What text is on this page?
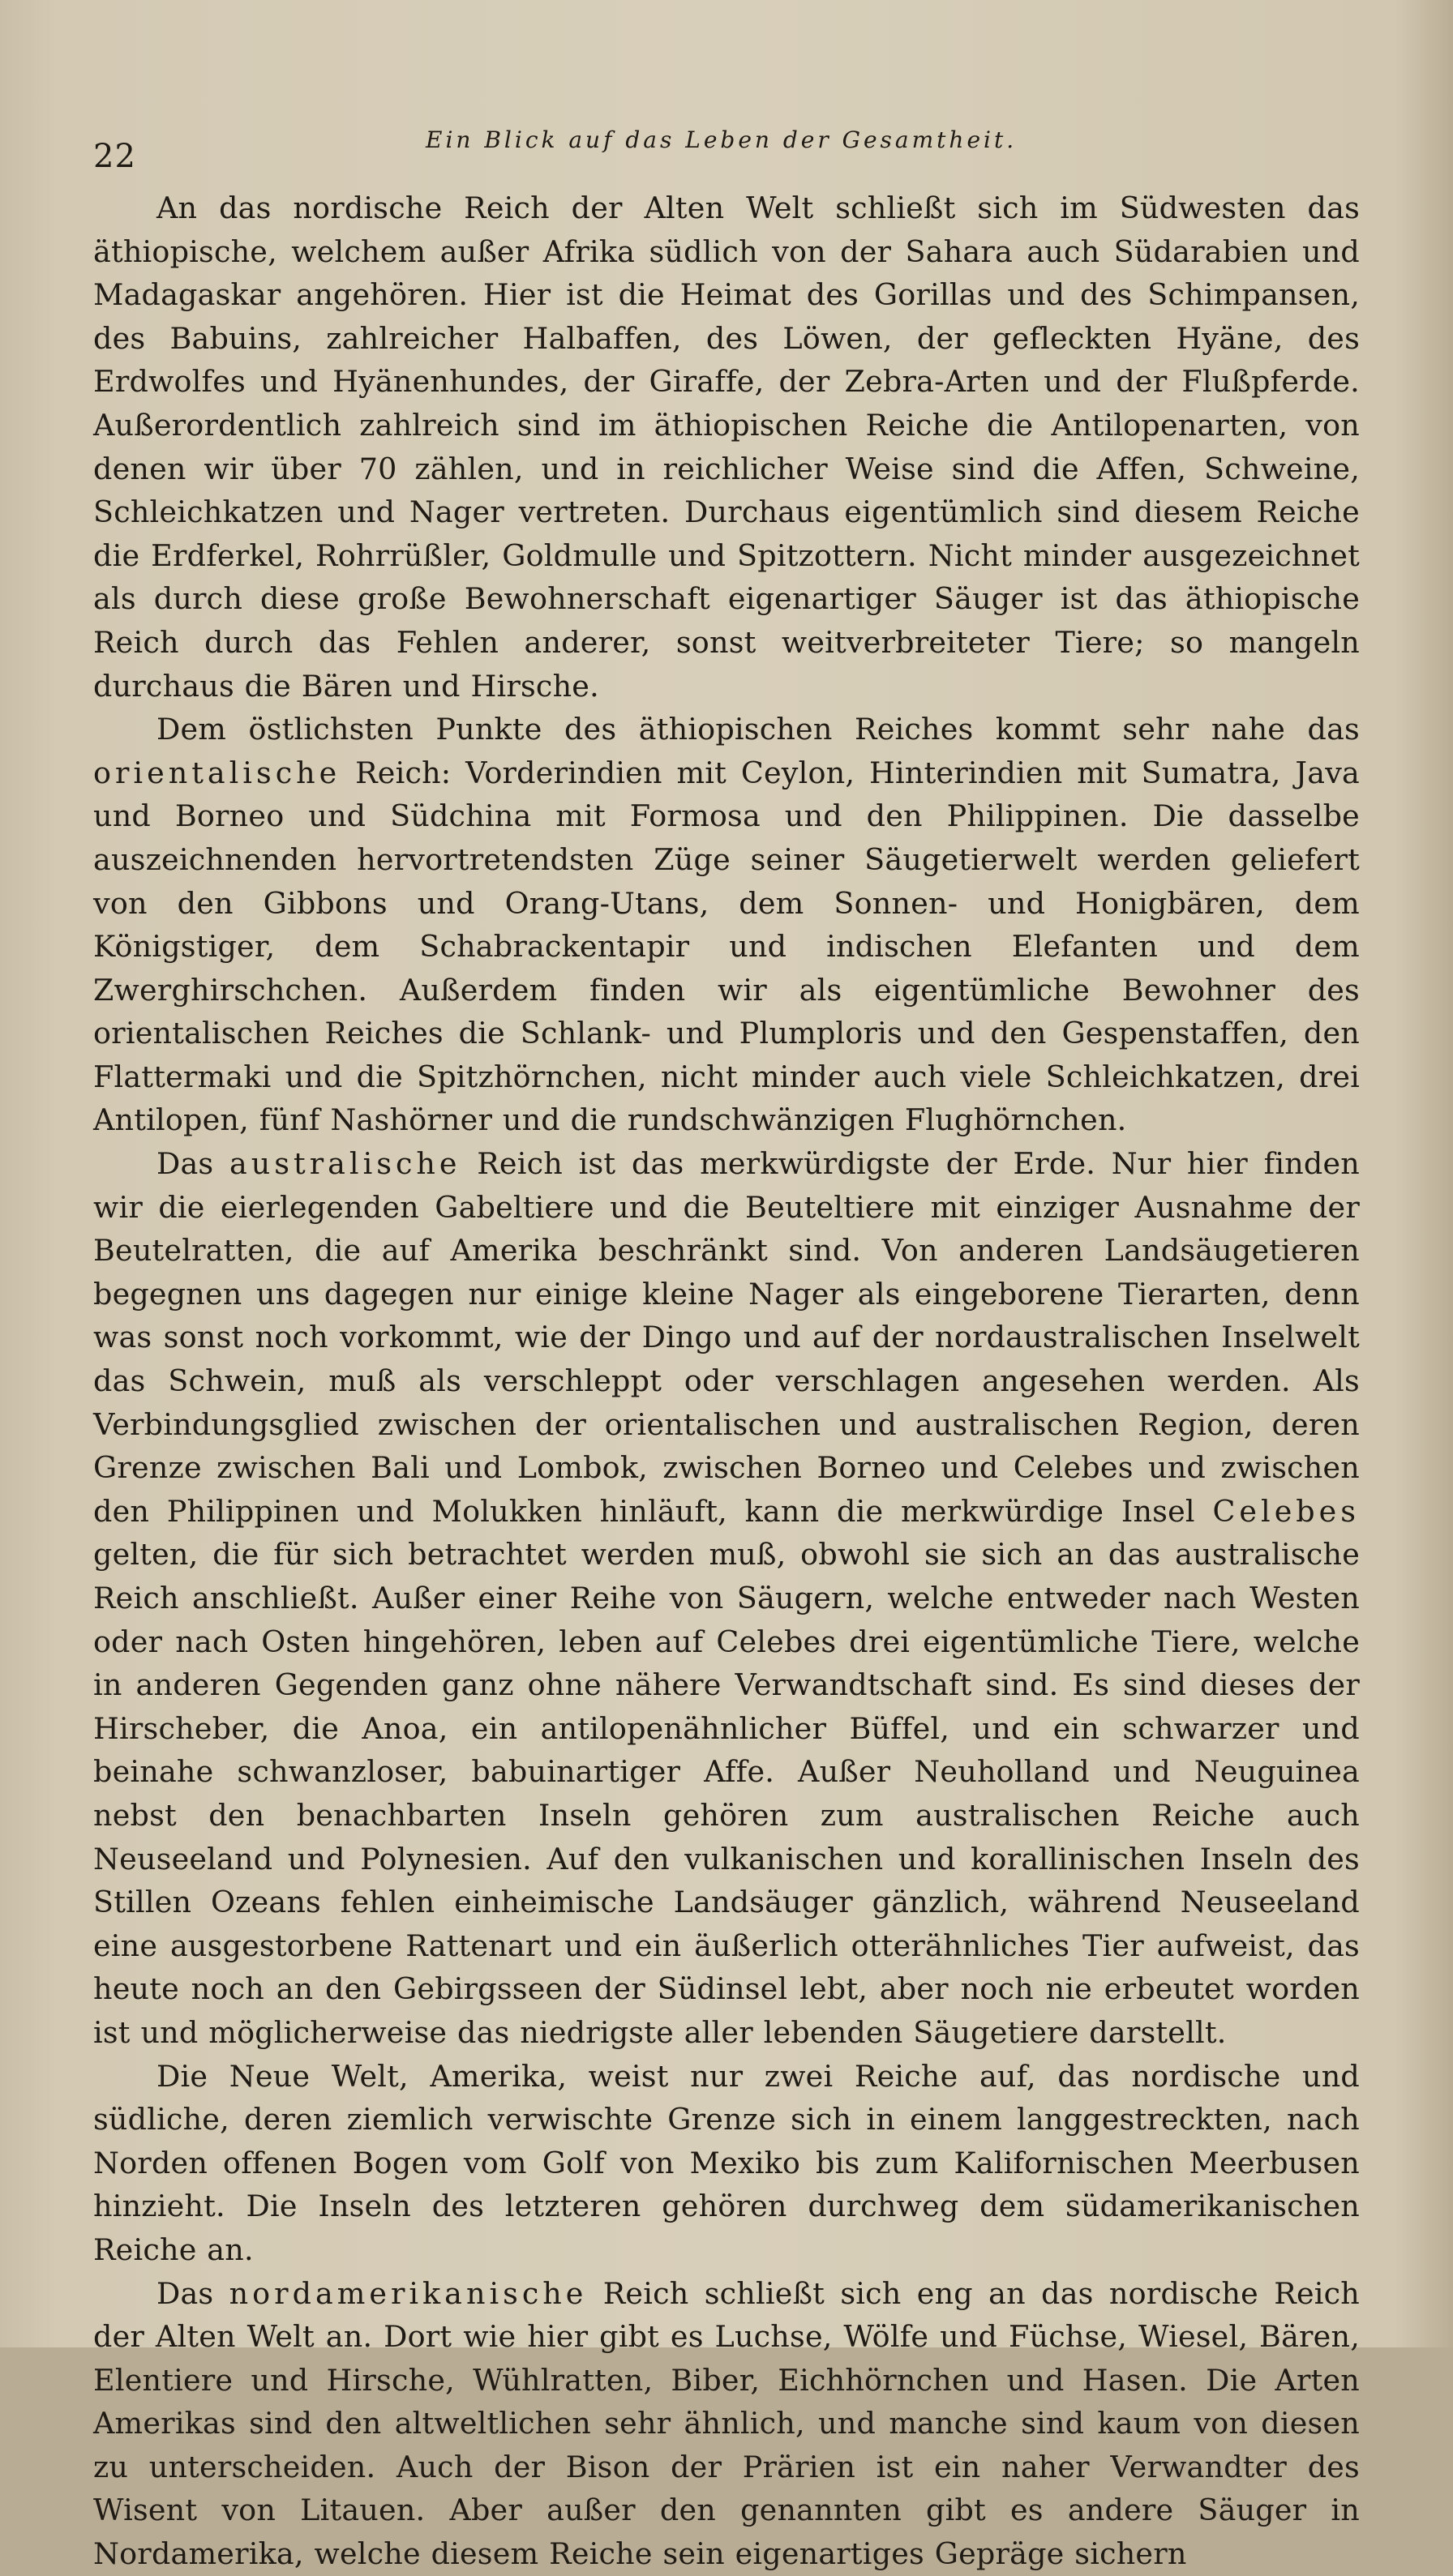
22	Ein Blick auf das Leben der Gesamtheit.

An das nordische Reich der Alten Welt schließt sich im Südwesten das äthiopische, welchem außer Afrika südlich von der Sahara auch Südarabien und Madagaskar angehören. Hier ist die Heimat des Gorillas und des Schimpansen, des Babuins, zahlreicher Halbaffen, des Löwen, der gefleckten Hyäne, des Erdwolfes und Hyänenhundes, der Giraffe, der Zebra-Arten und der Flußpferde. Außerordentlich zahlreich sind im äthiopischen Reiche die Antilopenarten, von denen wir über 70 zählen, und in reichlicher Weise sind die Affen, Schweine, Schleichkatzen und Nager vertreten. Durchaus eigentümlich sind diesem Reiche die Erdferkel, Rohrrüßler, Goldmulle und Spitzottern. Nicht minder ausgezeichnet als durch diese große Bewohnerschaft eigenartiger Säuger ist das äthiopische Reich durch das Fehlen anderer, sonst weitverbreiteter Tiere; so mangeln durchaus die Bären und Hirsche.

Dem östlichsten Punkte des äthiopischen Reiches kommt sehr nahe das orientalische Reich: Vorderindien mit Ceylon, Hinterindien mit Sumatra, Java und Borneo und Südchina mit Formosa und den Philippinen. Die dasselbe auszeichnenden hervortretendsten Züge seiner Säugetierwelt werden geliefert von den Gibbons und Orang-Utans, dem Sonnen- und Honigbären, dem Königstiger, dem Schabrackentapir und indischen Elefanten und dem Zwerghirschchen. Außerdem finden wir als eigentümliche Bewohner des orientalischen Reiches die Schlank- und Plumploris und den Gespenstaffen, den Flattermaki und die Spitzhörnchen, nicht minder auch viele Schleichkatzen, drei Antilopen, fünf Nashörner und die rundschwänzigen Flughörnchen.

Das australische Reich ist das merkwürdigste der Erde. Nur hier finden wir die eierlegenden Gabeltiere und die Beuteltiere mit einziger Ausnahme der Beutelratten, die auf Amerika beschränkt sind. Von anderen Landsäugetieren begegnen uns dagegen nur einige kleine Nager als eingeborene Tierarten, denn was sonst noch vorkommt, wie der Dingo und auf der nordaustralischen Inselwelt das Schwein, muß als verschleppt oder verschlagen angesehen werden. Als Verbindungsglied zwischen der orientalischen und australischen Region, deren Grenze zwischen Bali und Lombok, zwischen Borneo und Celebes und zwischen den Philippinen und Molukken hinläuft, kann die merkwürdige Insel Celebes gelten, die für sich betrachtet werden muß, obwohl sie sich an das australische Reich anschließt. Außer einer Reihe von Säugern, welche entweder nach Westen oder nach Osten hingehören, leben auf Celebes drei eigentümliche Tiere, welche in anderen Gegenden ganz ohne nähere Verwandtschaft sind. Es sind dieses der Hirscheber, die Anoa, ein antilopenähnlicher Büffel, und ein schwarzer und beinahe schwanzloser, babuinartiger Affe. Außer Neuholland und Neuguinea nebst den benachbarten Inseln gehören zum australischen Reiche auch Neuseeland und Polynesien. Auf den vulkanischen und korallinischen Inseln des Stillen Ozeans fehlen einheimische Landsäuger gänzlich, während Neuseeland eine ausgestorbene Rattenart und ein äußerlich otterähnliches Tier aufweist, das heute noch an den Gebirgsseen der Südinsel lebt, aber noch nie erbeutet worden ist und möglicherweise das niedrigste aller lebenden Säugetiere darstellt.

Die Neue Welt, Amerika, weist nur zwei Reiche auf, das nordische und südliche, deren ziemlich verwischte Grenze sich in einem langgestreckten, nach Norden offenen Bogen vom Golf von Mexiko bis zum Kalifornischen Meerbusen hinzieht. Die Inseln des letzteren gehören durchweg dem südamerikanischen Reiche an.

Das nordamerikanische Reich schließt sich eng an das nordische Reich der Alten Welt an. Dort wie hier gibt es Luchse, Wölfe und Füchse, Wiesel, Bären, Elentiere und Hirsche, Wühlratten, Biber, Eichhörnchen und Hasen. Die Arten Amerikas sind den altweltlichen sehr ähnlich, und manche sind kaum von diesen zu unterscheiden. Auch der Bison der Prärien ist ein naher Verwandter des Wisent von Litauen. Aber außer den genannten gibt es andere Säuger in Nordamerika, welche diesem Reiche sein eigenartiges Gepräge sichern
